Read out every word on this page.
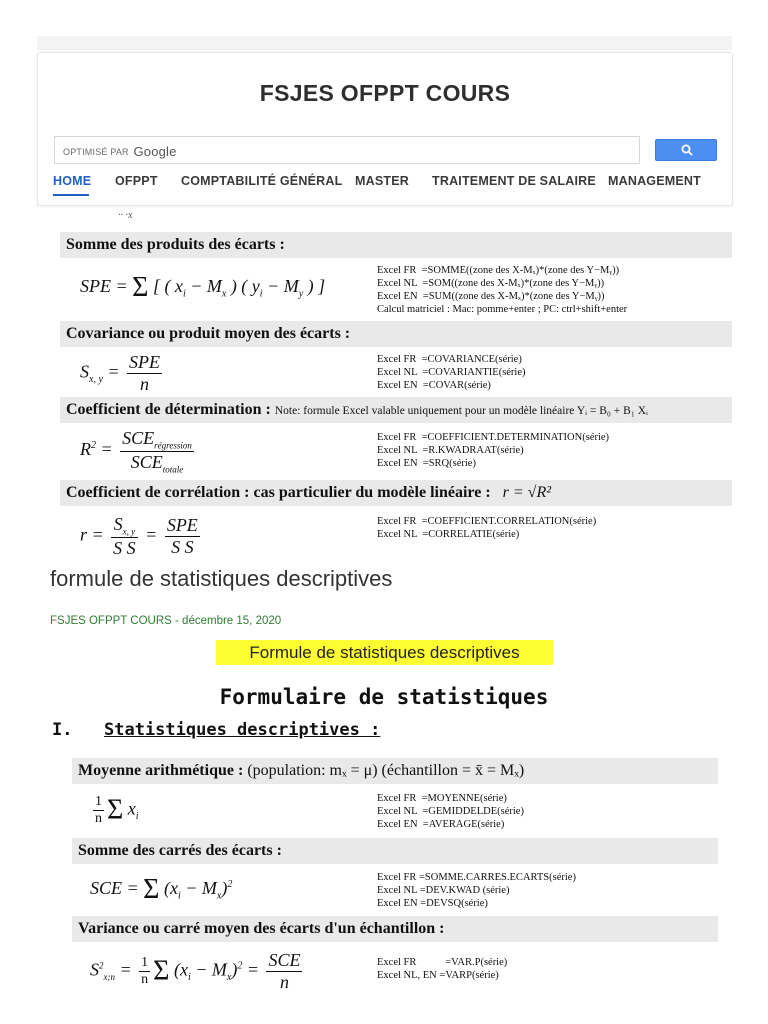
FSJES OFPPT COURS
OPTIMISÉ PAR Google
HOME OFPPT COMPTABILITÉ GÉNÉRAL MASTER TRAITEMENT DE SALAIRE MANAGEMENT
·· ·x
Somme des produits des écarts :
SPE = Σ [ ( $x_i - M_x$ ) ( $y_i - M_y$ ) ]
Excel FR  =SOMME((zone des X-Mₓ)*(zone des Y−Mᵧ))
Excel NL  =SOM((zone des X-Mₓ)*(zone des Y−Mᵧ))
Excel EN  =SUM((zone des X-Mₓ)*(zone des Y−Mᵧ))
Calcul matriciel : Mac: pomme+enter ; PC: ctrl+shift+enter
Covariance ou produit moyen des écarts :
$S_{x, y} = \frac{\text{SPE}}{n}$	Excel FR  =COVARIANCE(série)
Excel NL  =COVARIANTIE(série)
Excel EN  =COVAR(série)
Coefficient de détermination : Note: formule Excel valable uniquement pour un modèle linéaire Yᵢ = B₀ + B₁ Xᵢ
$R^2 = \frac{SCE_{régression}}{SCE_{totale}}$	Excel FR  =COEFFICIENT.DETERMINATION(série)
Excel NL  =R.KWADRAAT(série)
Excel EN  =SRQ(série)
Coefficient de corrélation : cas particulier du modèle linéaire : r = √R²
$r = \frac{S_{x, y}}{\text{S S}} = \frac{\text{SPE}}{\text{S S}}$	Excel FR  =COEFFICIENT.CORRELATION(série)
Excel NL  =CORRELATIE(série)
formule de statistiques descriptives
FSJES OFPPT COURS - décembre 15, 2020
Formule de statistiques descriptives
Formulaire de statistiques
I. Statistiques descriptives :
Moyenne arithmétique : (population: mₓ = μ) (échantillon = x̄ = Mₓ)
$\frac{1}{n}$ Σ $x_i$
Excel FR  =MOYENNE(série)
Excel NL  =GEMIDDELDE(série)
Excel EN  =AVERAGE(série)
Somme des carrés des écarts :
SCE = Σ $(x_i - M_x)^2$
Excel FR =SOMME.CARRES.ECARTS(série)
Excel NL =DEV.KWAD (série)
Excel EN =DEVSQ(série)
Variance ou carré moyen des écarts d'un échantillon :
$S^2_{x;n} = \frac{1}{n}$ Σ $(x_i - M_x)^2 = \frac{\text{SCE}}{n}$	Excel FR           =VAR.P(série)
Excel NL, EN =VARP(série)
